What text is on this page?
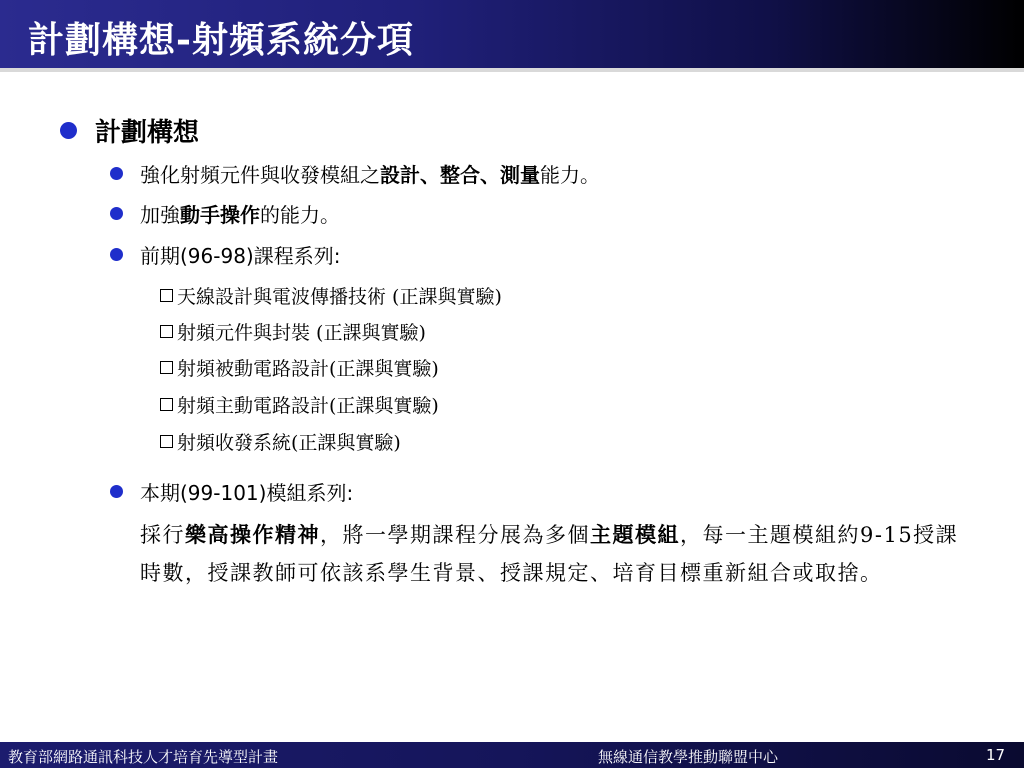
計劃構想-射頻系統分項
計劃構想
強化射頻元件與收發模組之設計、整合、測量能力。
加強動手操作的能力。
前期(96-98)課程系列:
天線設計與電波傳播技術 (正課與實驗)
射頻元件與封裝 (正課與實驗)
射頻被動電路設計(正課與實驗)
射頻主動電路設計(正課與實驗)
射頻收發系統(正課與實驗)
本期(99-101)模組系列:
採行樂高操作精神，將一學期課程分展為多個主題模組，每一主題模組約9-15授課時數，授課教師可依該系學生背景、授課規定、培育目標重新組合或取捨。
教育部網路通訊科技人才培育先導型計畫	無線通信教學推動聯盟中心	17
